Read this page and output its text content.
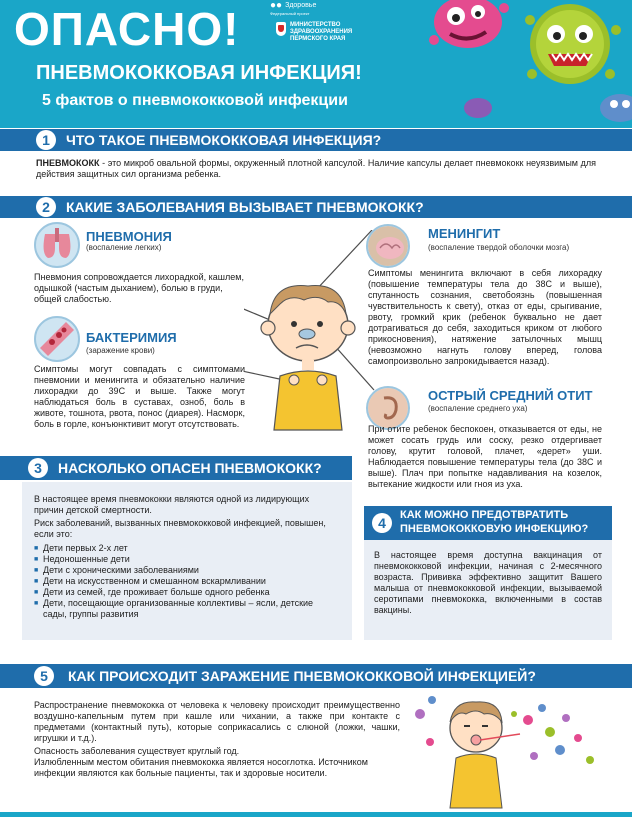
ОПАСНО!	●● Здоровье
Федеральный проект
МИНИСТЕРСТВО
ЗДРАВООХРАНЕНИЯ
ПЕРМСКОГО КРАЯ
ПНЕВМОКОККОВАЯ ИНФЕКЦИЯ!
5 фактов о пневмококковой инфекции
1	ЧТО ТАКОЕ ПНЕВМОКОККОВАЯ ИНФЕКЦИЯ?
ПНЕВМОКОКК - это микроб овальной формы, окруженный плотной капсулой. Наличие капсулы делает пневмококк неуязвимым для действия защитных сил организма ребенка.
2	КАКИЕ ЗАБОЛЕВАНИЯ ВЫЗЫВАЕТ ПНЕВМОКОКК?
ПНЕВМОНИЯ
(воспаление легких)
Пневмония сопровождается лихорадкой, кашлем, одышкой (частым дыханием), болью в груди, общей слабостью.
БАКТЕРИМИЯ
(заражение крови)
Симптомы могут совпадать с симптомами пневмонии и менингита и обязательно наличие лихорадки до 39С и выше. Также могут наблюдаться боль в суставах, озноб, боль в животе, тошнота, рвота, понос (диарея). Насморк, боль в горле, конъюнктивит могут отсутствовать.
МЕНИНГИТ
(воспаление твердой оболочки мозга)
Симптомы менингита включают в себя лихорадку (повышение температуры тела до 38С и выше), спутанность сознания, светобоязнь (повышенная чувствительность к свету), отказ от еды, срыгивание, рвоту, громкий крик (ребенок буквально не дает дотрагиваться до себя, заходиться криком от любого прикосновения), натяжение затылочных мышц (невозможно нагнуть голову вперед, голова самопроизвольно запрокидывается назад).
ОСТРЫЙ СРЕДНИЙ ОТИТ
(воспаление среднего уха)
При отите ребенок беспокоен, отказывается от еды, не может сосать грудь или соску, резко отдергивает голову, крутит головой, плачет, «дерет» уши. Наблюдается повышение температуры тела (до 38С и выше). Плач при попытке надавливания на козелок, вытекание жидкости или гноя из уха.
3	НАСКОЛЬКО ОПАСЕН ПНЕВМОКОКК?
В настоящее время пневмококки являются одной из лидирующих причин детской смертности.
Риск заболеваний, вызванных пневмококковой инфекцией, повышен, если это:
■ Дети первых 2-х лет
■ Недоношенные дети
■ Дети с хроническими заболеваниями
■ Дети на искусственном и смешанном вскармливании
■ Дети из семей, где проживает больше одного ребенка
■ Дети, посещающие организованные коллективы – ясли, детские сады, группы развития
4	КАК МОЖНО ПРЕДОТВРАТИТЬ
ПНЕВМОКОККОВУЮ ИНФЕКЦИЮ?
В настоящее время доступна вакцинация от пневмококковой инфекции, начиная с 2-месячного возраста. Прививка эффективно защитит Вашего малыша от пневмококковой инфекции, вызываемой серотипами пневмококка, включенными в состав вакцины.
5	КАК ПРОИСХОДИТ ЗАРАЖЕНИЕ ПНЕВМОКОККОВОЙ ИНФЕКЦИЕЙ?
Распространение пневмококка от человека к человеку происходит преимущественно воздушно-капельным путем при кашле или чихании, а также при контакте с предметами (контактный путь), которые соприкасались с слюной (ложки, чашки, игрушки и т.д.).
Опасность заболевания существует круглый год.
Излюбленным местом обитания пневмококка является носоглотка. Источником инфекции являются как больные пациенты, так и здоровые носители.
